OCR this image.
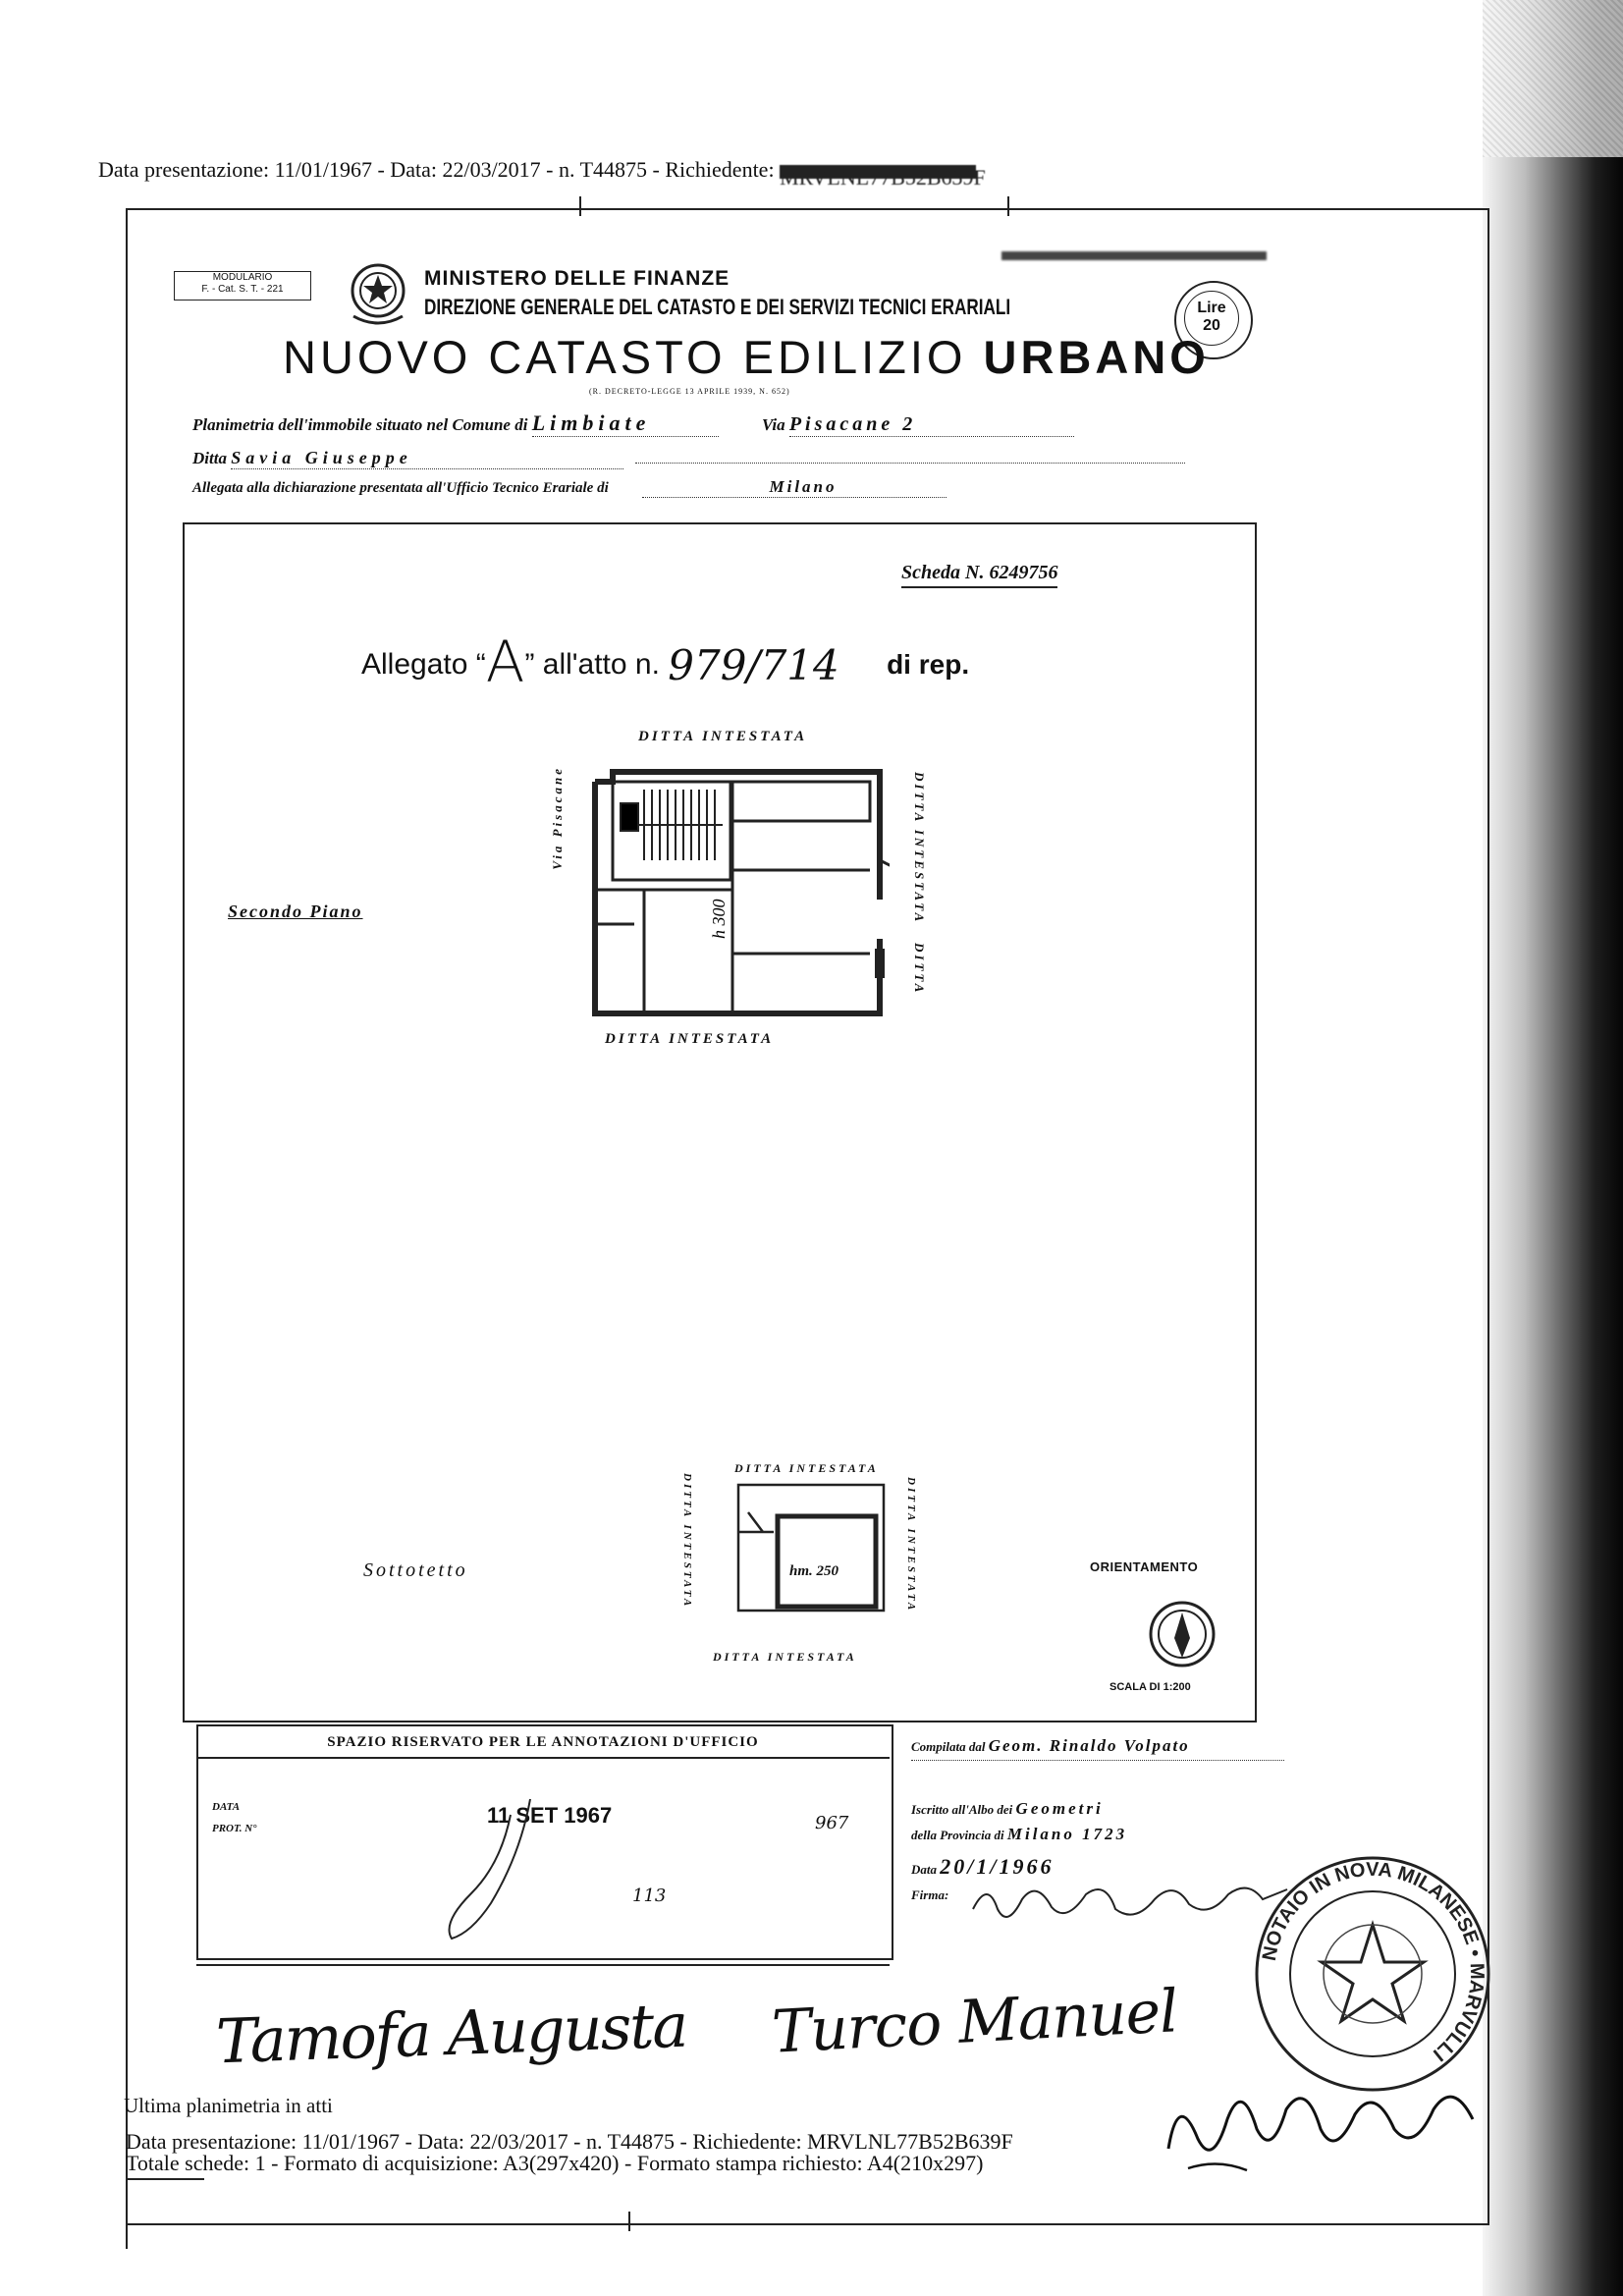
Data presentazione: 11/01/1967 - Data: 22/03/2017 - n. T44875 - Richiedente: MRVLNL77B52B639F
MODULARIO
F. - Cat. S. T. - 221	MINISTERO DELLE FINANZE
DIREZIONE GENERALE DEL CATASTO E DEI SERVIZI TECNICI ERARIALI	Lire
20
NUOVO CATASTO EDILIZIO URBANO
(R. DECRETO-LEGGE 13 APRILE 1939, N. 652)
Planimetria dell'immobile situato nel Comune di Limbiate	Via Pisacane 2
Ditta Savia Giuseppe
Allegata alla dichiarazione presentata all'Ufficio Tecnico Erariale di	Milano
Scheda N. 6249756
Allegato “A” all'atto n. 979/714 di rep.
h 300
DITTA INTESTATA
DITTA INTESTATA
Via Pisacane	DITTA INTESTATA
DITTA
Secondo Piano
hm. 250
DITTA INTESTATA
DITTA INTESTATA
DITTA INTESTATA	DITTA INTESTATA
Sottotetto	ORIENTAMENTO
SCALA DI 1:200
SPAZIO RISERVATO PER LE ANNOTAZIONI D'UFFICIO
DATA
PROT. N°
11 SET 1967	967
113
Compilata dal Geom. Rinaldo Volpato
Iscritto all'Albo dei Geometri
della Provincia di Milano 1723
Data 20/1/1966
Firma:
Tamofa Augusta Turco Manuel
NOTAIO IN NOVA MILANESE • MARVULLI
Ultima planimetria in atti
Data presentazione: 11/01/1967 - Data: 22/03/2017 - n. T44875 - Richiedente: MRVLNL77B52B639F
Totale schede: 1 - Formato di acquisizione: A3(297x420) - Formato stampa richiesto: A4(210x297)
